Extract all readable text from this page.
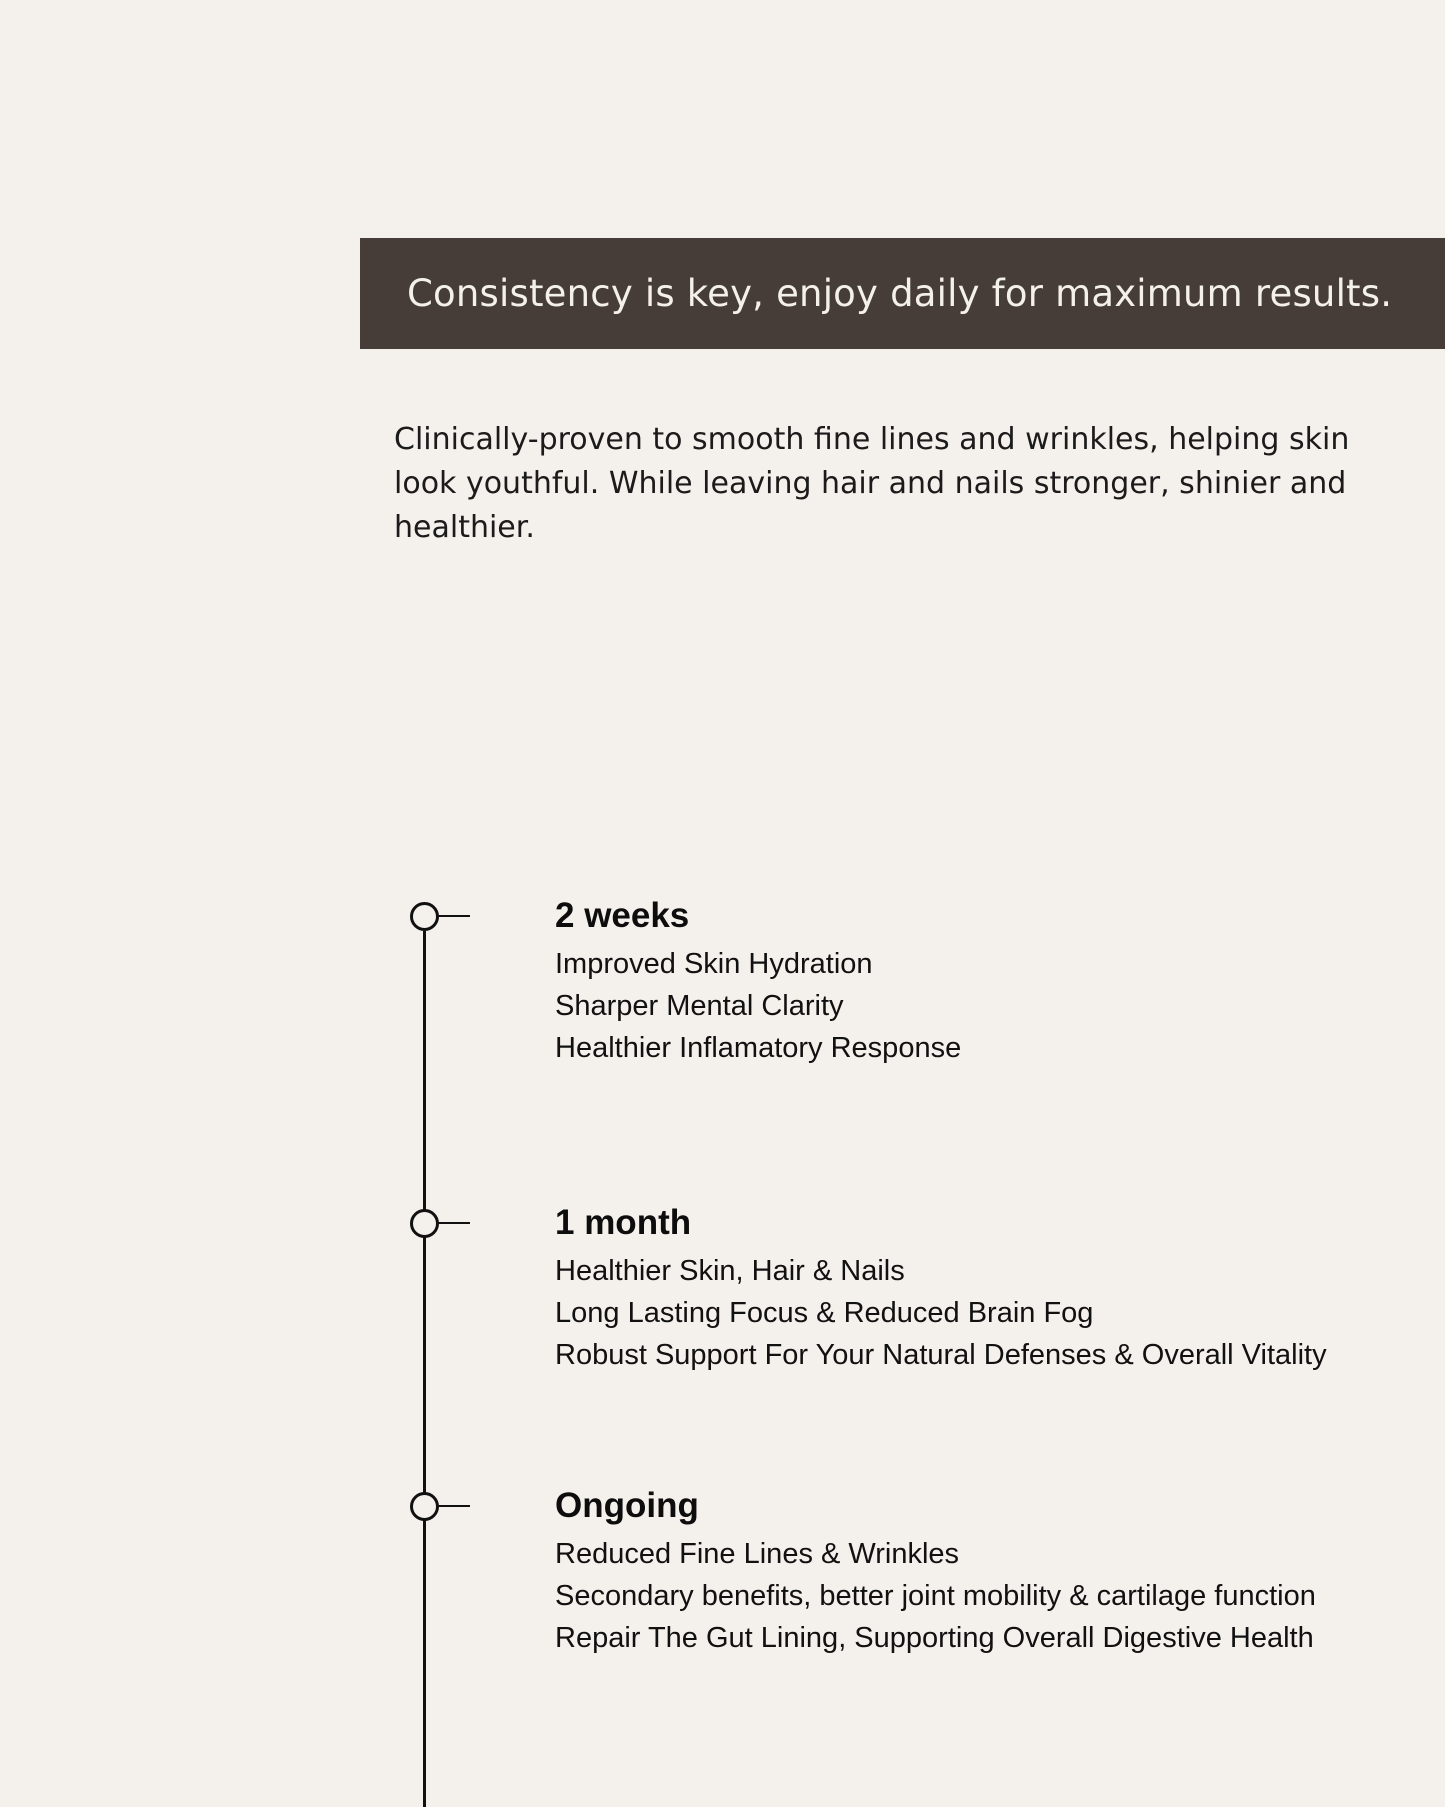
Consistency is key, enjoy daily for maximum results.

Clinically-proven to smooth fine lines and wrinkles, helping skin look youthful. While leaving hair and nails stronger, shinier and healthier.

2 weeks
Improved Skin Hydration
Sharper Mental Clarity
Healthier Inflamatory Response
1 month
Healthier Skin, Hair & Nails
Long Lasting Focus & Reduced Brain Fog
Robust Support For Your Natural Defenses & Overall Vitality
Ongoing
Reduced Fine Lines & Wrinkles
Secondary benefits, better joint mobility & cartilage function
Repair The Gut Lining, Supporting Overall Digestive Health
